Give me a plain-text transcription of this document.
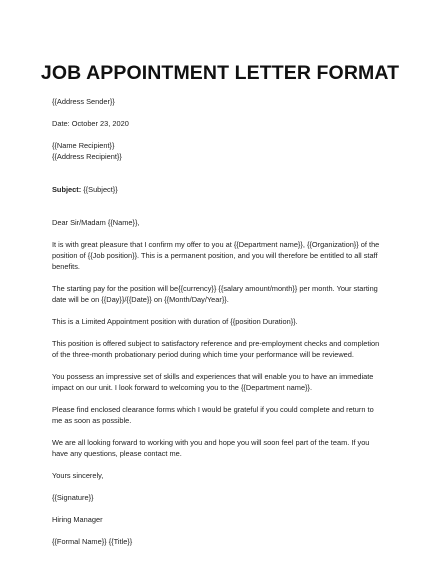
JOB APPOINTMENT LETTER FORMAT

{{Address Sender}}

Date: October 23, 2020

{{Name Recipient}}

{{Address Recipient}}

Subject: {{Subject}}

Dear Sir/Madam {{Name}},

It is with great pleasure that I confirm my offer to you at {{Department name}}, {{Organization}} of the position of {{Job position}}. This is a permanent position, and you will therefore be entitled to all staff benefits.

The starting pay for the position will be{{currency}} {{salary amount/month}} per month. Your starting date will be on {{Day}}/{{Date}} on {{Month/Day/Year}}.

This is a Limited Appointment position with duration of {{position Duration}}.

This position is offered subject to satisfactory reference and pre-employment checks and completion of the three-month probationary period during which time your performance will be reviewed.

You possess an impressive set of skills and experiences that will enable you to have an immediate impact on our unit. I look forward to welcoming you to the {{Department name}}.

Please find enclosed clearance forms which I would be grateful if you could complete and return to me as soon as possible.

We are all looking forward to working with you and hope you will soon feel part of the team. If you have any questions, please contact me.

Yours sincerely,

{{Signature}}

Hiring Manager

{{Formal Name}} {{Title}}
